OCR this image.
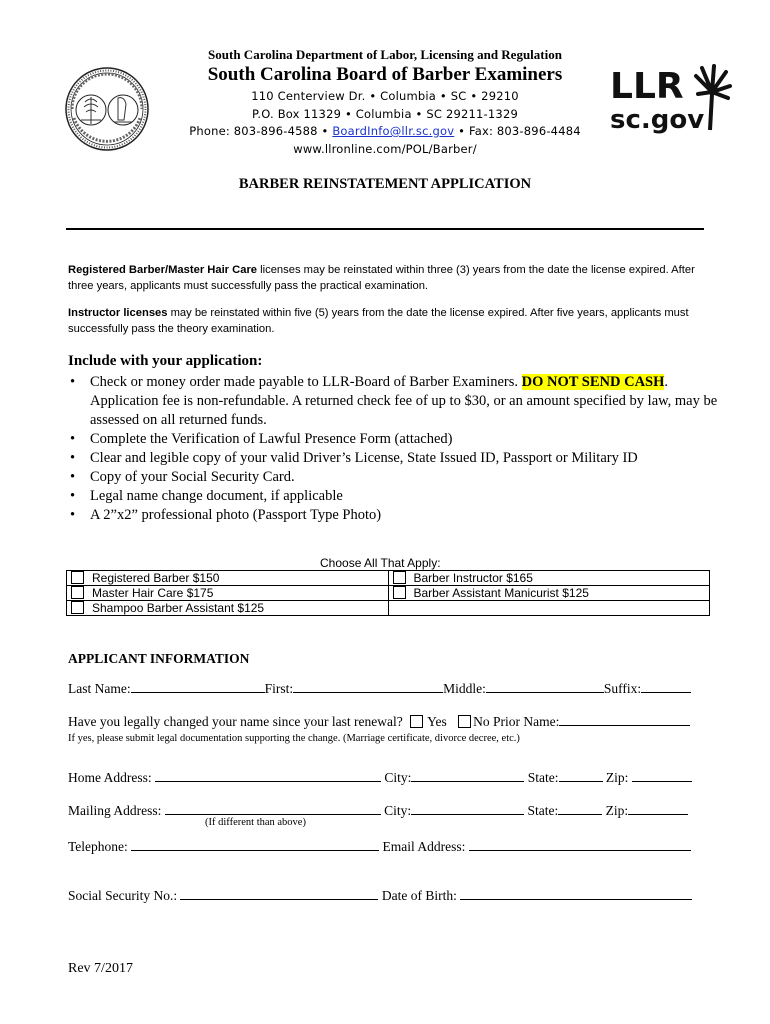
South Carolina Department of Labor, Licensing and Regulation
South Carolina Board of Barber Examiners
110 Centerview Dr. • Columbia • SC • 29210
P.O. Box 11329 • Columbia • SC 29211-1329
Phone: 803-896-4588 • BoardInfo@llr.sc.gov • Fax: 803-896-4484
www.llronline.com/POL/Barber/
LLR
sc.gov
BARBER REINSTATEMENT APPLICATION
Registered Barber/Master Hair Care licenses may be reinstated within three (3) years from the date the license expired. After three years, applicants must successfully pass the practical examination.
Instructor licenses may be reinstated within five (5) years from the date the license expired. After five years, applicants must successfully pass the theory examination.
Include with your application:
• Check or money order made payable to LLR-Board of Barber Examiners. DO NOT SEND CASH. Application fee is non-refundable. A returned check fee of up to $30, or an amount specified by law, may be assessed on all returned funds.
• Complete the Verification of Lawful Presence Form (attached)
• Clear and legible copy of your valid Driver’s License, State Issued ID, Passport or Military ID
• Copy of your Social Security Card.
• Legal name change document, if applicable
• A 2”x2” professional photo (Passport Type Photo)
Choose All That Apply:
Registered Barber $150	Barber Instructor $165
Master Hair Care $175	Barber Assistant Manicurist $125
Shampoo Barber Assistant $125	
APPLICANT INFORMATION
Last Name:	First:	Middle:	Suffix:
Have you legally changed your name since your last renewal? Yes No Prior Name:
If yes, please submit legal documentation supporting the change. (Marriage certificate, divorce decree, etc.)
Home Address:	City:	State:	Zip:
Mailing Address:	City:	State:	Zip:
(If different than above)
Telephone:	Email Address:
Social Security No.:	Date of Birth:
Rev 7/2017
